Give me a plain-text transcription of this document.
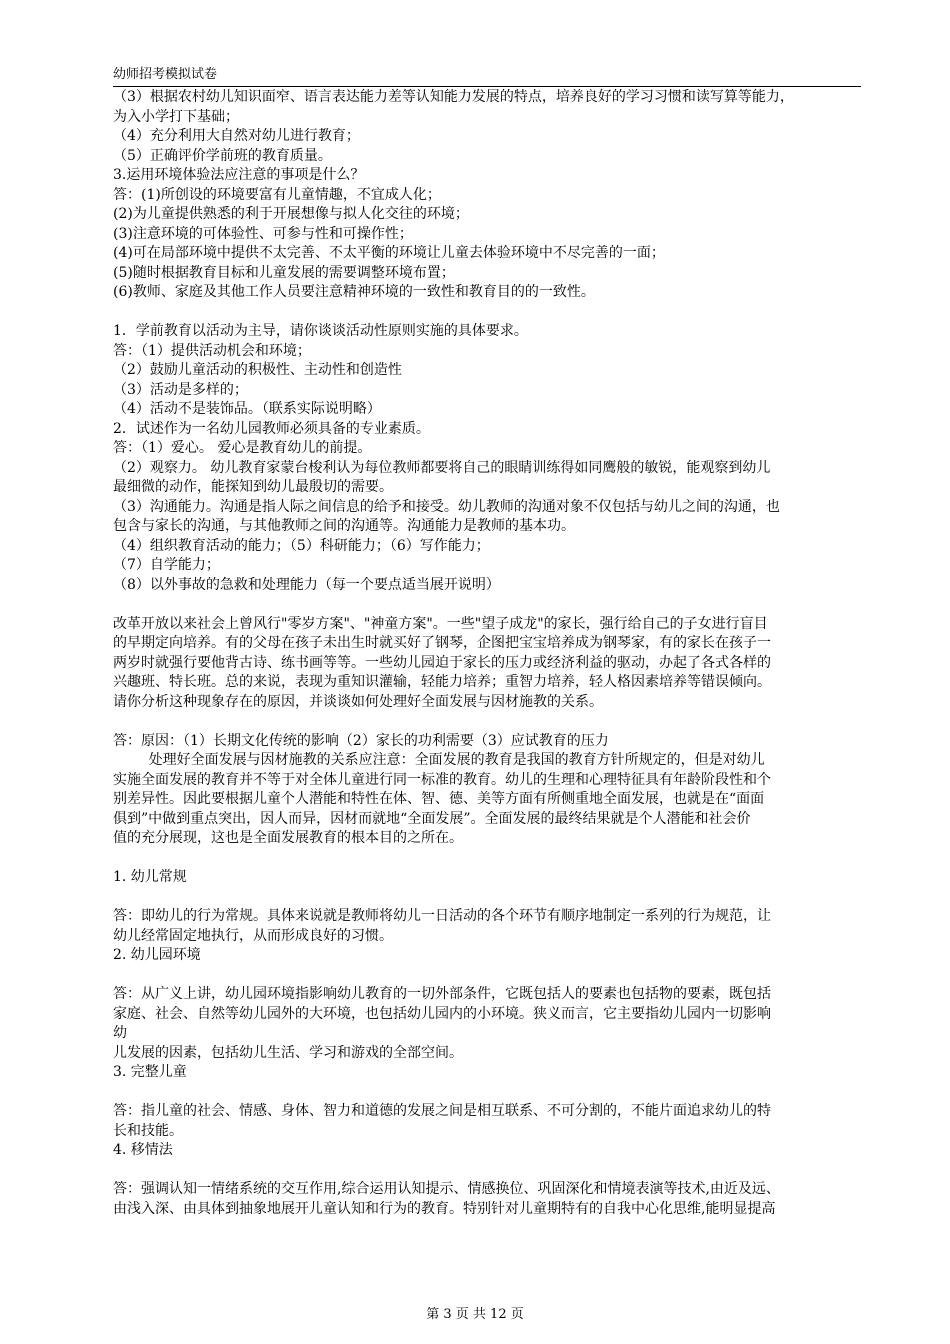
幼师招考模拟试卷
（3）根据农村幼儿知识面窄、语言表达能力差等认知能力发展的特点，培养良好的学习习惯和读写算等能力，
为入小学打下基础；
（4）充分利用大自然对幼儿进行教育；
（5）正确评价学前班的教育质量。
3.运用环境体验法应注意的事项是什么？
答：(1)所创设的环境要富有儿童情趣，不宜成人化；
(2)为儿童提供熟悉的利于开展想像与拟人化交往的环境；
(3)注意环境的可体验性、可参与性和可操作性；
(4)可在局部环境中提供不太完善、不太平衡的环境让儿童去体验环境中不尽完善的一面；
(5)随时根据教育目标和儿童发展的需要调整环境布置；
(6)教师、家庭及其他工作人员要注意精神环境的一致性和教育目的的一致性。
1．学前教育以活动为主导，请你谈谈活动性原则实施的具体要求。
答：（1）提供活动机会和环境；
（2）鼓励儿童活动的积极性、主动性和创造性
（3）活动是多样的；
（4）活动不是装饰品。（联系实际说明略）
2．试述作为一名幼儿园教师必须具备的专业素质。
答：（1）爱心。 爱心是教育幼儿的前提。
（2）观察力。 幼儿教育家蒙台梭利认为每位教师都要将自己的眼睛训练得如同鹰般的敏锐，能观察到幼儿
最细微的动作，能探知到幼儿最殷切的需要。
（3）沟通能力。沟通是指人际之间信息的给予和接受。幼儿教师的沟通对象不仅包括与幼儿之间的沟通，也
包含与家长的沟通，与其他教师之间的沟通等。沟通能力是教师的基本功。
（4）组织教育活动的能力；（5）科研能力；（6）写作能力；
（7）自学能力；
（8）以外事故的急救和处理能力（每一个要点适当展开说明）
改革开放以来社会上曾风行"零岁方案"、"神童方案"。一些"望子成龙"的家长，强行给自己的子女进行盲目
的早期定向培养。有的父母在孩子未出生时就买好了钢琴，企图把宝宝培养成为钢琴家，有的家长在孩子一
两岁时就强行要他背古诗、练书画等等。一些幼儿园迫于家长的压力或经济利益的驱动，办起了各式各样的
兴趣班、特长班。总的来说，表现为重知识灌输，轻能力培养；重智力培养，轻人格因素培养等错误倾向。
请你分析这种现象存在的原因，并谈谈如何处理好全面发展与因材施教的关系。
答：原因：（1）长期文化传统的影响（2）家长的功利需要（3）应试教育的压力
处理好全面发展与因材施教的关系应注意：全面发展的教育是我国的教育方针所规定的，但是对幼儿
实施全面发展的教育并不等于对全体儿童进行同一标准的教育。幼儿的生理和心理特征具有年龄阶段性和个
别差异性。因此要根据儿童个人潜能和特性在体、智、德、美等方面有所侧重地全面发展，也就是在“面面
俱到”中做到重点突出，因人而异，因材而就地“全面发展”。全面发展的最终结果就是个人潜能和社会价
值的充分展现，这也是全面发展教育的根本目的之所在。
1. 幼儿常规
答：即幼儿的行为常规。具体来说就是教师将幼儿一日活动的各个环节有顺序地制定一系列的行为规范，让
幼儿经常固定地执行，从而形成良好的习惯。
2. 幼儿园环境
答：从广义上讲，幼儿园环境指影响幼儿教育的一切外部条件，它既包括人的要素也包括物的要素，既包括
家庭、社会、自然等幼儿园外的大环境，也包括幼儿园内的小环境。狭义而言，它主要指幼儿园内一切影响
幼
儿发展的因素，包括幼儿生活、学习和游戏的全部空间。
3. 完整儿童
答：指儿童的社会、情感、身体、智力和道德的发展之间是相互联系、不可分割的，不能片面追求幼儿的特
长和技能。
4. 移情法
答：强调认知一情绪系统的交互作用,综合运用认知提示、情感换位、巩固深化和情境表演等技术,由近及远、
由浅入深、由具体到抽象地展开儿童认知和行为的教育。特别针对儿童期特有的自我中心化思维,能明显提高
第 3 页 共 12 页
